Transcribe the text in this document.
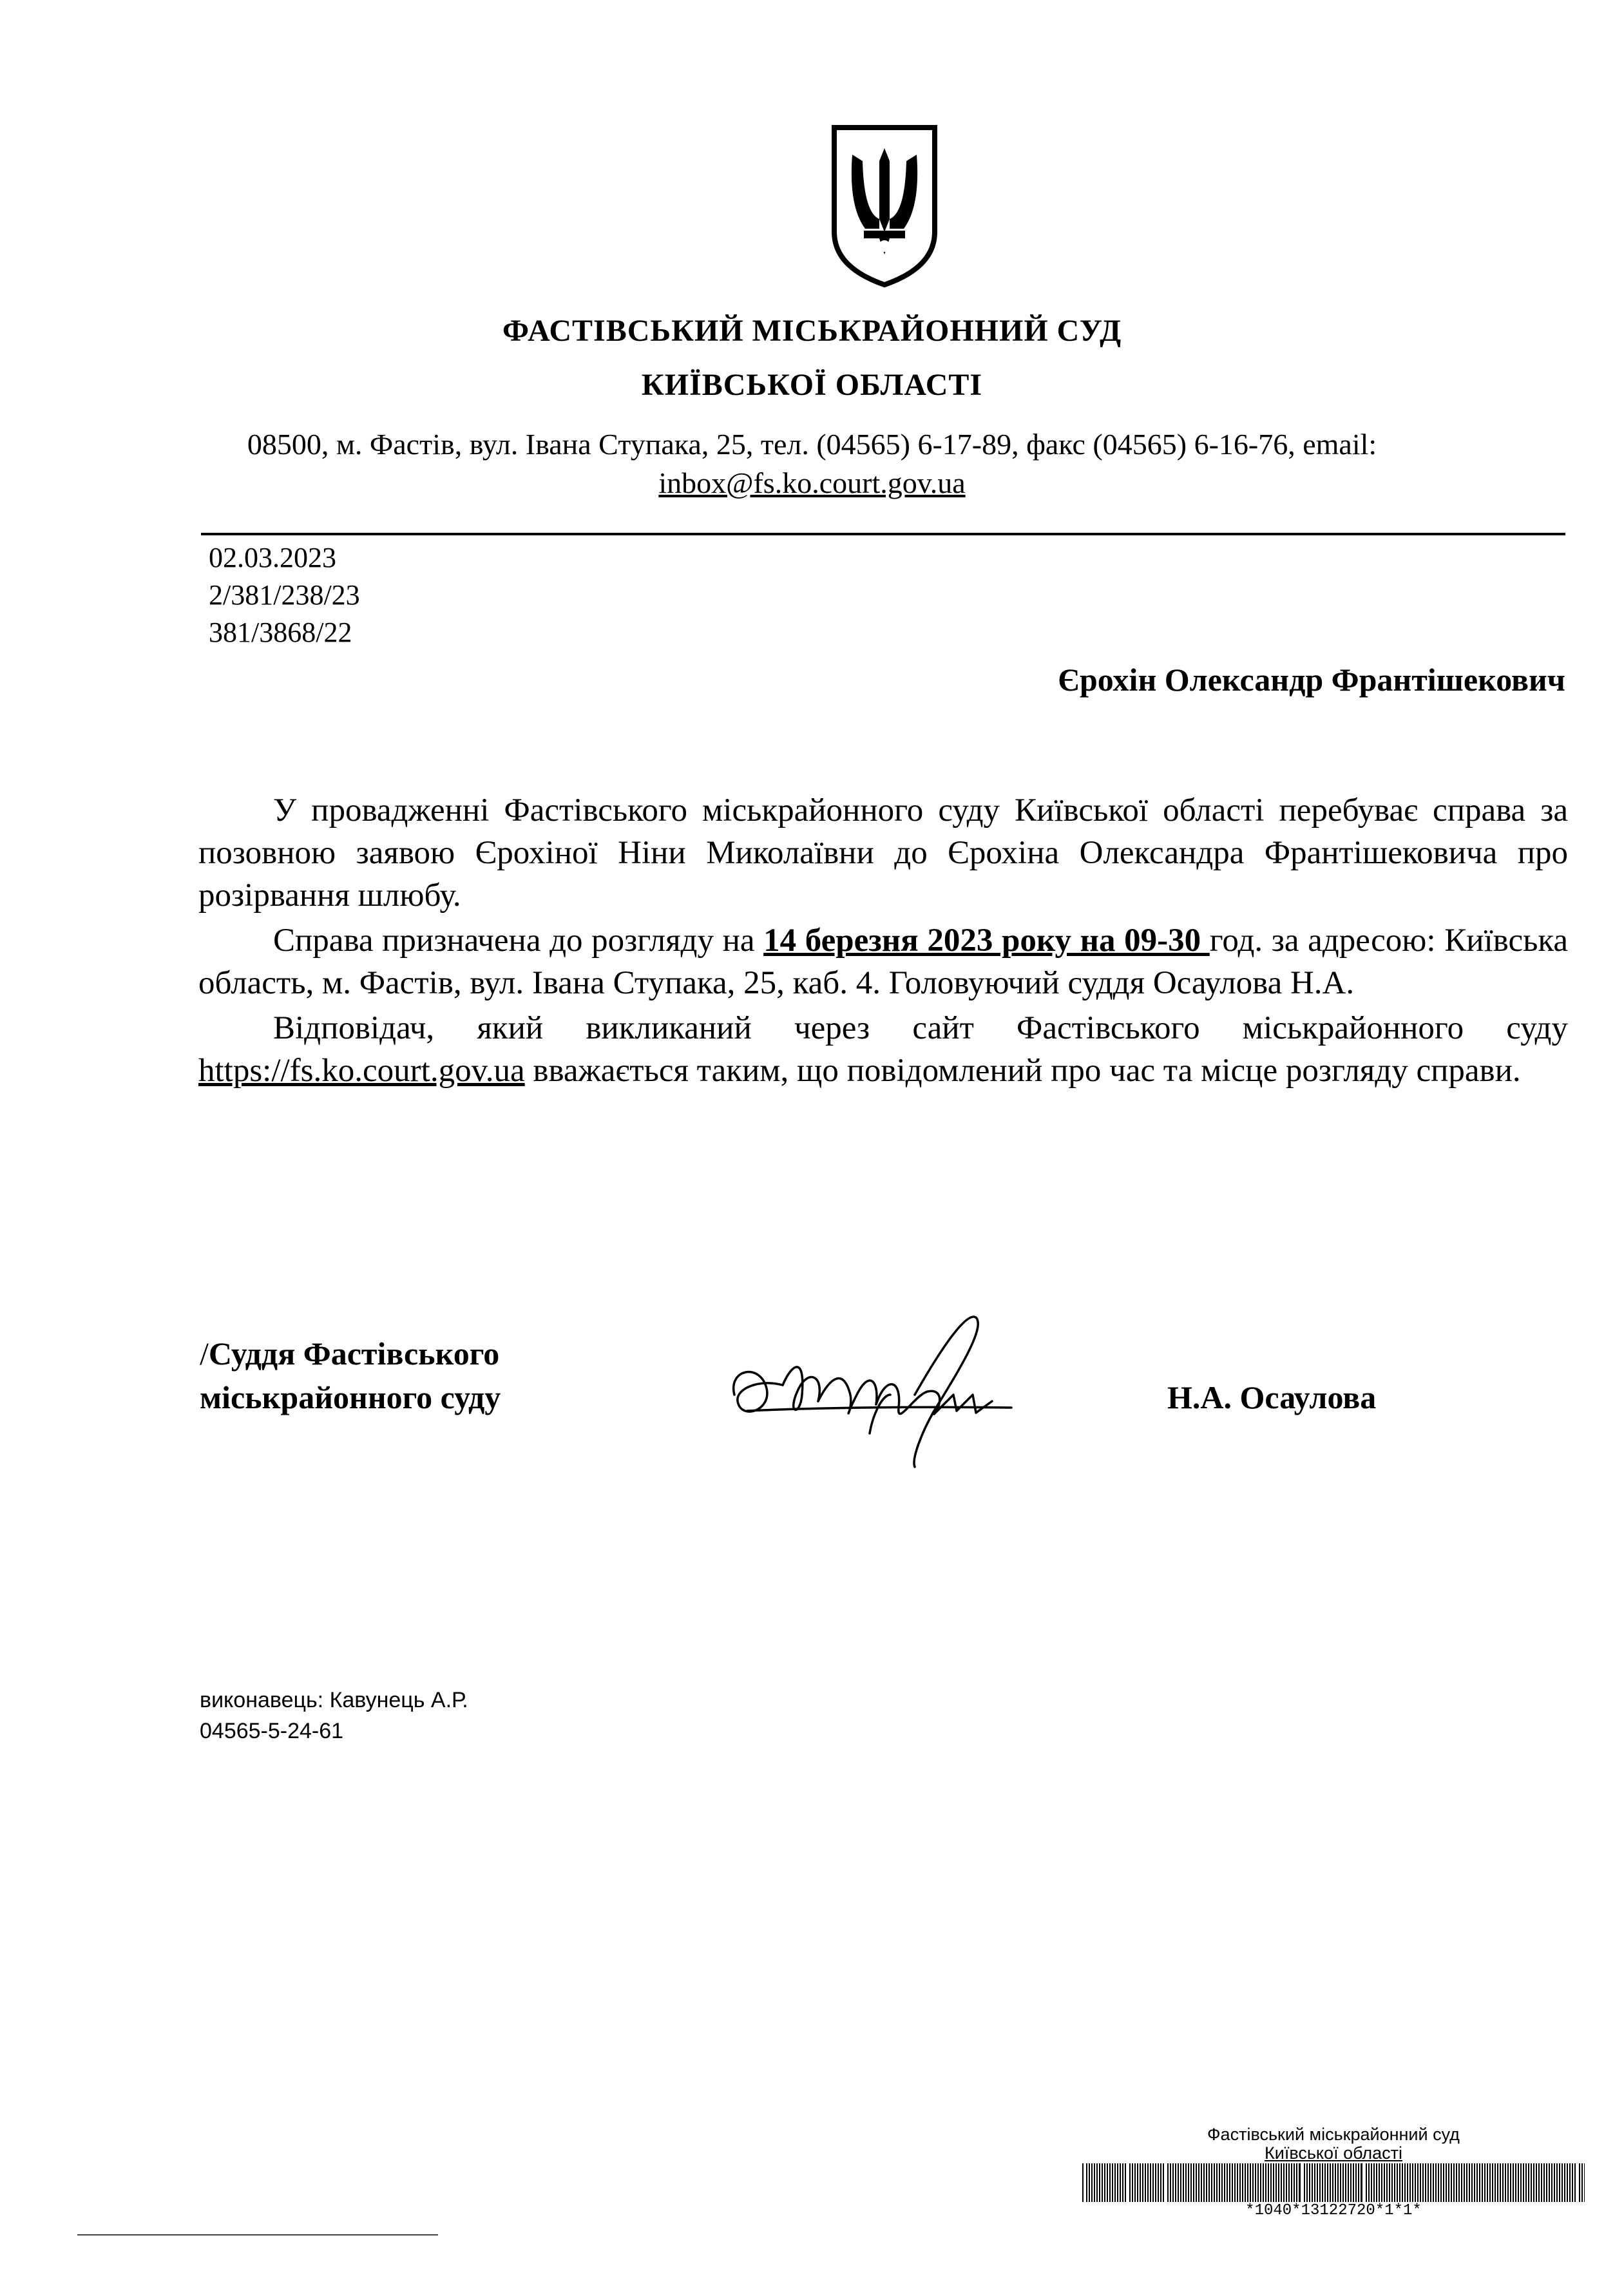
ФАСТІВСЬКИЙ МІСЬКРАЙОННИЙ СУД
КИЇВСЬКОЇ ОБЛАСТІ
08500, м. Фастів, вул. Івана Ступака, 25, тел. (04565) 6-17-89, факс (04565) 6-16-76, email:
inbox@fs.ko.court.gov.ua
02.03.2023
2/381/238/23
381/3868/22
Єрохін Олександр Франтішекович

У провадженні Фастівського міськрайонного суду Київської області перебуває справа за позовною заявою Єрохіної Ніни Миколаївни до Єрохіна Олександра Франтішековича про розірвання шлюбу.

Справа призначена до розгляду на 14 березня 2023 року на 09-30 год. за адресою: Київська область, м. Фастів, вул. Івана Ступака, 25, каб. 4. Головуючий суддя Осаулова Н.А.

Відповідач, який викликаний через сайт Фастівського міськрайонного суду https://fs.ko.court.gov.ua вважається таким, що повідомлений про час та місце розгляду справи.

/Суддя Фастівського
міськрайонного суду	Н.А. Осаулова
виконавець: Кавунець А.Р.
04565-5-24-61
Фастівський міськрайонний суд
Київської області
*1040*13122720*1*1*
